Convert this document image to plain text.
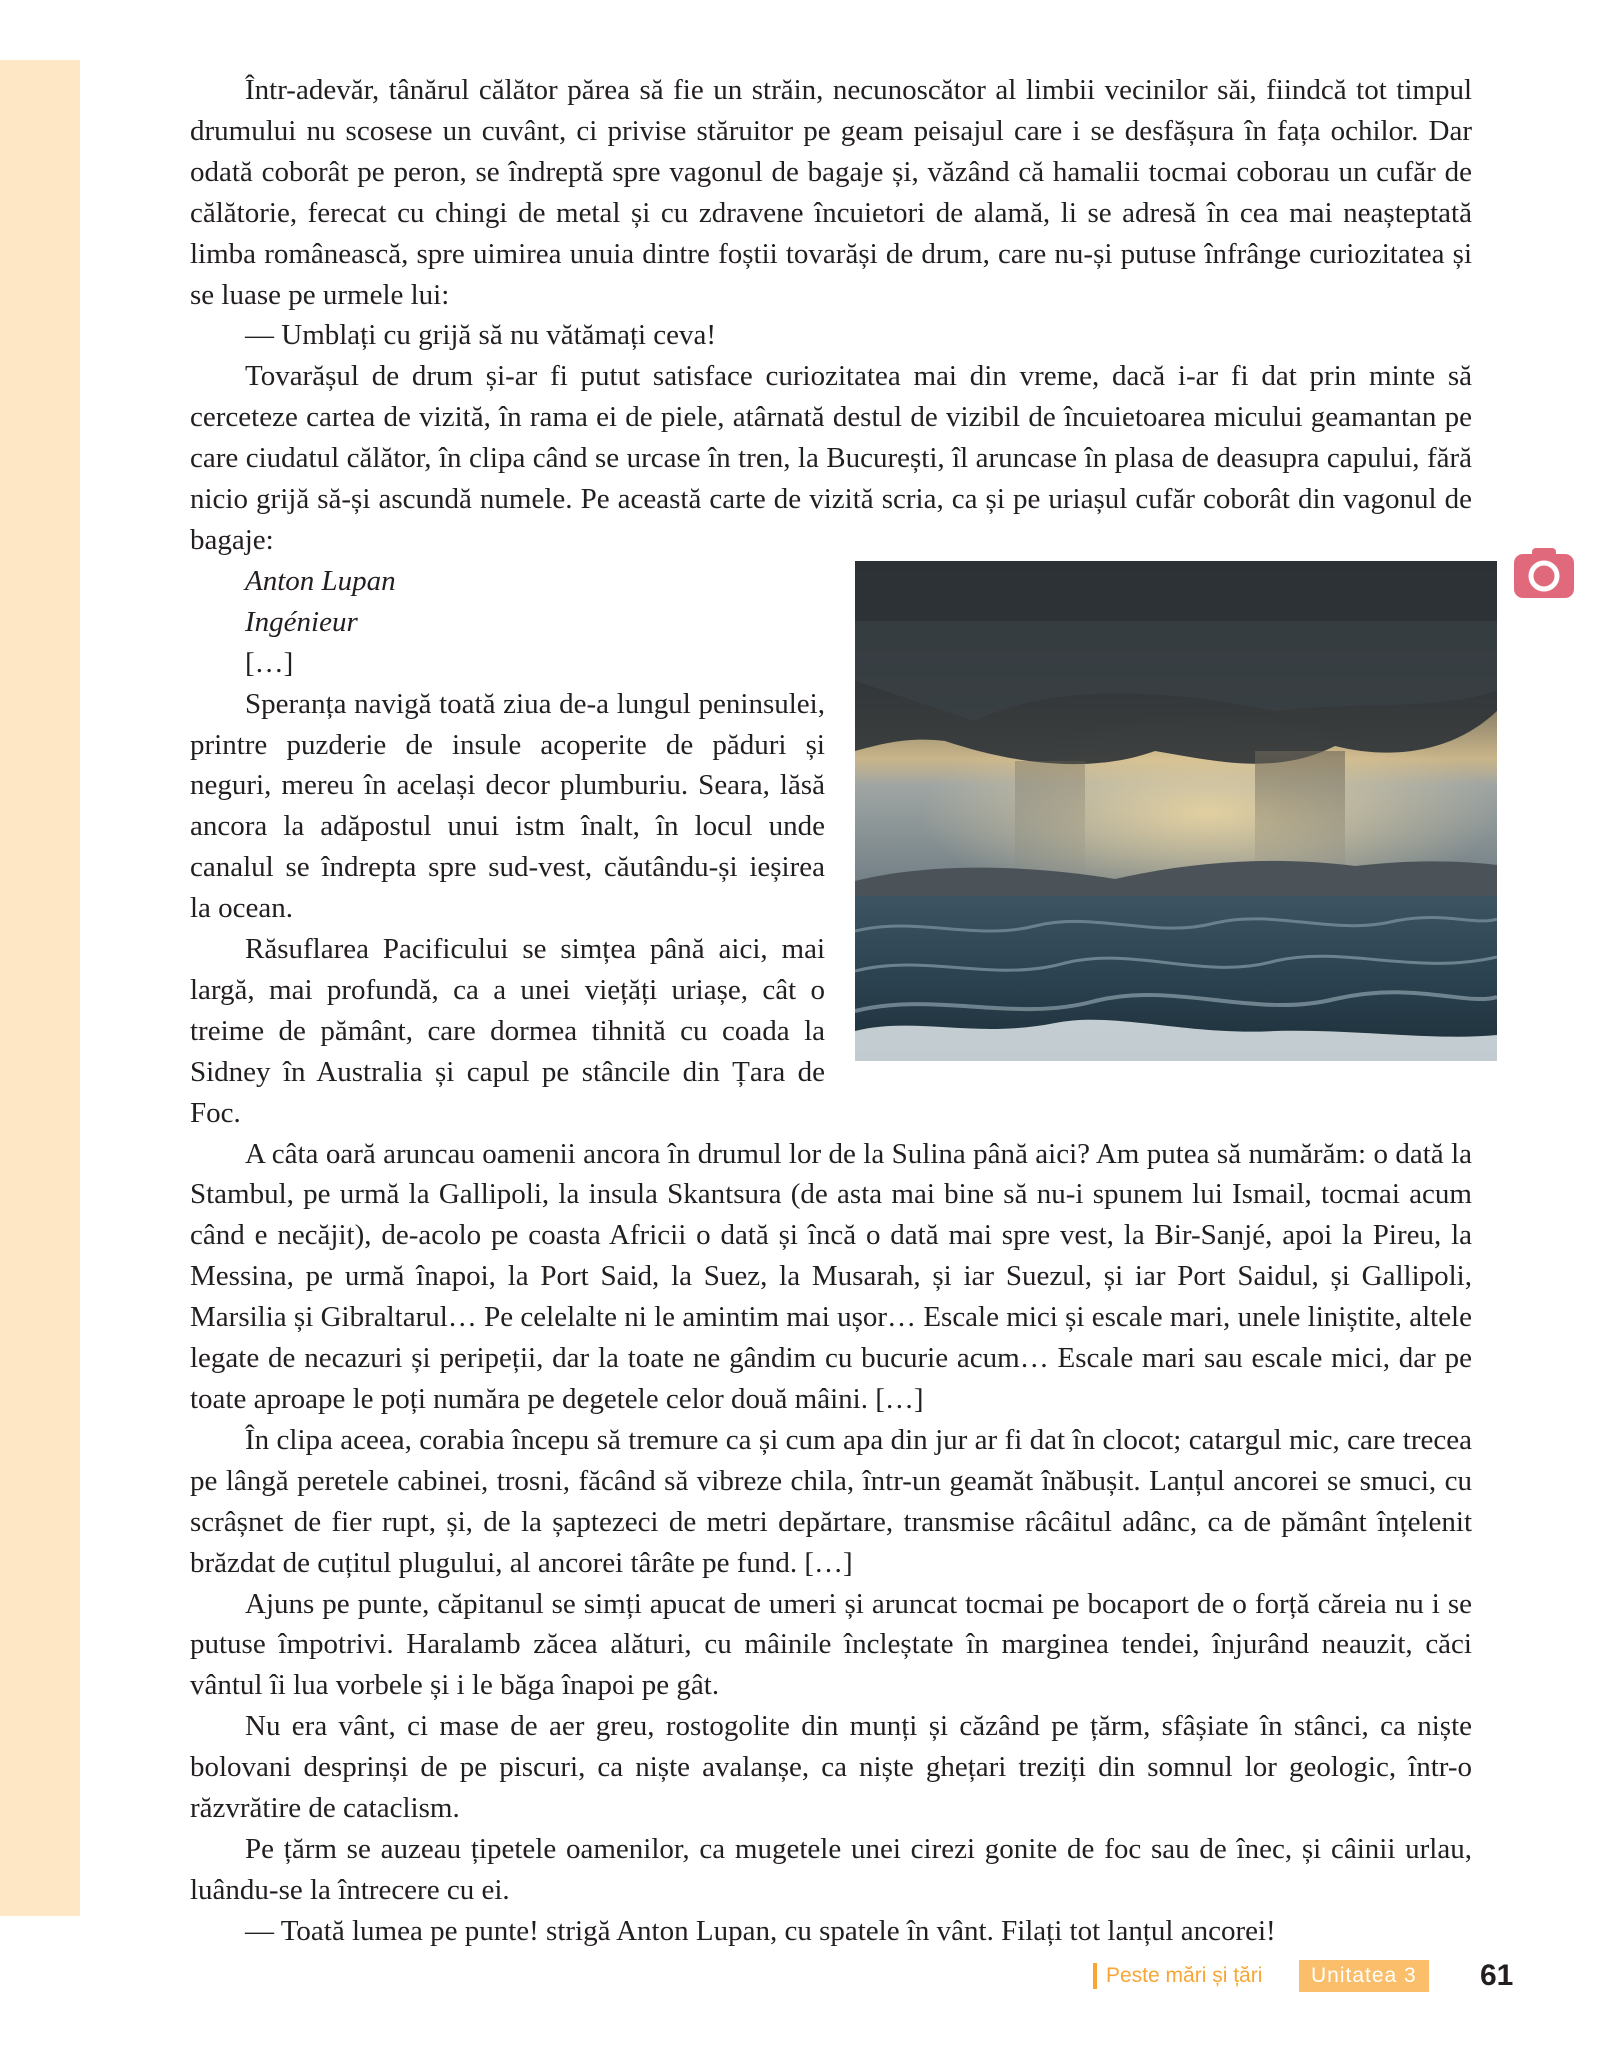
Într-adevăr, tânărul călător părea să fie un străin, necunoscător al limbii vecinilor săi, fiindcă tot timpul drumului nu scosese un cuvânt, ci privise stăruitor pe geam peisajul care i se desfășura în fața ochilor. Dar odată coborât pe peron, se îndreptă spre vagonul de bagaje și, văzând că hamalii tocmai coborau un cufăr de călătorie, ferecat cu chingi de metal și cu zdravene încuietori de alamă, li se adresă în cea mai neașteptată limba românească, spre uimirea unuia dintre foștii tovarăși de drum, care nu-și putuse înfrânge curiozitatea și se luase pe urmele lui:

— Umblați cu grijă să nu vătămați ceva!

Tovarășul de drum și-ar fi putut satisface curiozitatea mai din vreme, dacă i-ar fi dat prin minte să cerceteze cartea de vizită, în rama ei de piele, atârnată destul de vizibil de încuietoarea micului geamantan pe care ciudatul călător, în clipa când se urcase în tren, la București, îl aruncase în plasa de deasupra capului, fără nicio grijă să-și ascundă numele. Pe această carte de vizită scria, ca și pe uriașul cufăr coborât din vagonul de bagaje:

Anton Lupan

Ingénieur

[…]

Speranța navigă toată ziua de-a lungul peninsulei, printre puzderie de insule acoperite de păduri și neguri, mereu în același decor plumburiu. Seara, lăsă ancora la adăpostul unui istm înalt, în locul unde canalul se îndrepta spre sud-vest, căutându-și ieșirea la ocean.

Răsuflarea Pacificului se simțea până aici, mai largă, mai profundă, ca a unei viețăți uriașe, cât o treime de pământ, care dormea tihnită cu coada la Sidney în Australia și capul pe stâncile din Țara de Foc.

A câta oară aruncau oamenii ancora în drumul lor de la Sulina până aici? Am putea să numărăm: o dată la Stambul, pe urmă la Gallipoli, la insula Skantsura (de asta mai bine să nu-i spunem lui Ismail, tocmai acum când e necăjit), de-acolo pe coasta Africii o dată și încă o dată mai spre vest, la Bir-Sanjé, apoi la Pireu, la Messina, pe urmă înapoi, la Port Said, la Suez, la Musarah, și iar Suezul, și iar Port Saidul, și Gallipoli, Marsilia și Gibraltarul… Pe celelalte ni le amintim mai ușor… Escale mici și escale mari, unele liniștite, altele legate de necazuri și peripeții, dar la toate ne gândim cu bucurie acum… Escale mari sau escale mici, dar pe toate aproape le poți număra pe degetele celor două mâini. […]

În clipa aceea, corabia începu să tremure ca și cum apa din jur ar fi dat în clocot; catargul mic, care trecea pe lângă peretele cabinei, trosni, făcând să vibreze chila, într-un geamăt înăbușit. Lanțul ancorei se smuci, cu scrâșnet de fier rupt, și, de la șaptezeci de metri depărtare, transmise râcâitul adânc, ca de pământ înțelenit brăzdat de cuțitul plugului, al ancorei târâte pe fund. […]

Ajuns pe punte, căpitanul se simți apucat de umeri și aruncat tocmai pe bocaport de o forță căreia nu i se putuse împotrivi. Haralamb zăcea alături, cu mâinile încleștate în marginea tendei, înjurând neauzit, căci vântul îi lua vorbele și i le băga înapoi pe gât.

Nu era vânt, ci mase de aer greu, rostogolite din munți și căzând pe țărm, sfâșiate în stânci, ca niște bolovani desprinși de pe piscuri, ca niște avalanșe, ca niște ghețari treziți din somnul lor geologic, într-o răzvrătire de cataclism.

Pe țărm se auzeau țipetele oamenilor, ca mugetele unei cirezi gonite de foc sau de înec, și câinii urlau, luându-se la întrecere cu ei.

— Toată lumea pe punte! strigă Anton Lupan, cu spatele în vânt. Filați tot lanțul ancorei!

Peste mări și țări	Unitatea 3	61
